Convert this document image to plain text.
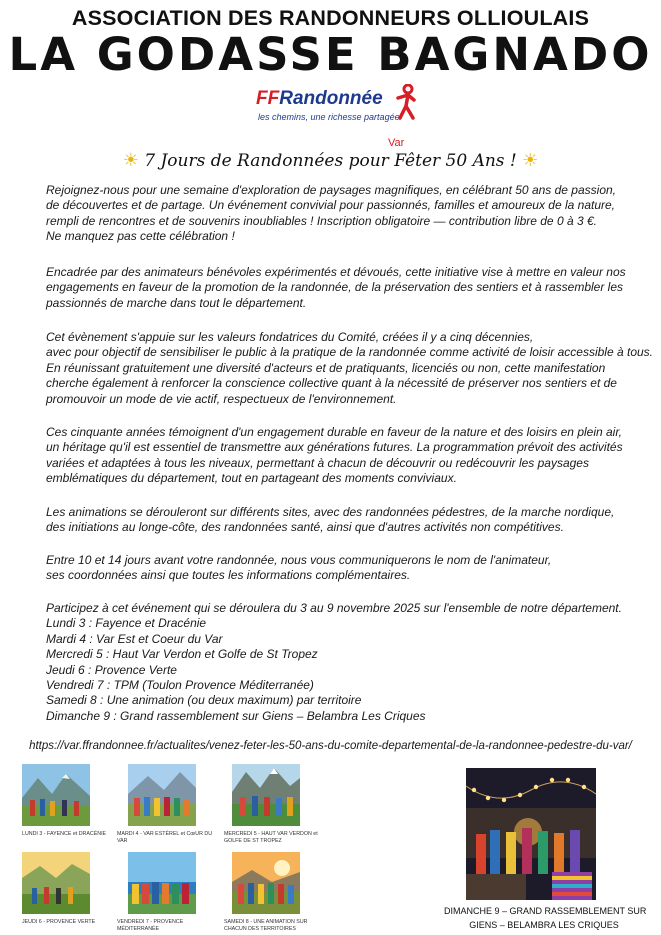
ASSOCIATION DES RANDONNEURS OLLIOULAIS
LA GODASSE BAGNADO
FFRandonnée
les chemins, une richesse partagée
Var
☀ 7 Jours de Randonnées pour Fêter 50 Ans ! ☀
Rejoignez-nous pour une semaine d'exploration de paysages magnifiques, en célébrant 50 ans de passion,
de découvertes et de partage. Un événement convivial pour passionnés, familles et amoureux de la nature,
rempli de rencontres et de souvenirs inoubliables ! Inscription obligatoire — contribution libre de 0 à 3 €.
Ne manquez pas cette célébration !
Encadrée par des animateurs bénévoles expérimentés et dévoués, cette initiative vise à mettre en valeur nos
engagements en faveur de la promotion de la randonnée, de la préservation des sentiers et à rassembler les
passionnés de marche dans tout le département.
Cet évènement s'appuie sur les valeurs fondatrices du Comité, créées il y a cinq décennies,
avec pour objectif de sensibiliser le public à la pratique de la randonnée comme activité de loisir accessible à tous.
En réunissant gratuitement une diversité d'acteurs et de pratiquants, licenciés ou non, cette manifestation
cherche également à renforcer la conscience collective quant à la nécessité de préserver nos sentiers et de
promouvoir un mode de vie actif, respectueux de l'environnement.
Ces cinquante années témoignent d'un engagement durable en faveur de la nature et des loisirs en plein air,
un héritage qu'il est essentiel de transmettre aux générations futures. La programmation prévoit des activités
variées et adaptées à tous les niveaux, permettant à chacun de découvrir ou redécouvrir les paysages
emblématiques du département, tout en partageant des moments conviviaux.
Les animations se dérouleront sur différents sites, avec des randonnées pédestres, de la marche nordique,
des initiations au longe-côte, des randonnées santé, ainsi que d'autres activités non compétitives.
Entre 10 et 14 jours avant votre randonnée, nous vous communiquerons le nom de l'animateur,
ses coordonnées ainsi que toutes les informations complémentaires.
Participez à cet événement qui se déroulera du 3 au 9 novembre 2025 sur l'ensemble de notre département.
Lundi 3 : Fayence et Dracénie
Mardi 4 : Var Est et Coeur du Var
Mercredi 5 : Haut Var Verdon et Golfe de St Tropez
Jeudi 6 : Provence Verte
Vendredi 7 : TPM (Toulon Provence Méditerranée)
Samedi 8 : Une animation (ou deux maximum) par territoire
Dimanche 9 : Grand rassemblement sur Giens – Belambra Les Criques
https://var.ffrandonnee.fr/actualites/venez-feter-les-50-ans-du-comite-departemental-de-la-randonnee-pedestre-du-var/
LUNDI 3 - FAYENCE et DRACÉNIE	MARDI 4 - VAR ESTÉREL et CœUR DU VAR
MERCREDI 5 - HAUT VAR VERDON et GOLFE DE ST TROPEZ
JEUDI 6 - PROVENCE VERTE	VENDREDI 7 - PROVENCE MÉDITERRANÉE
SAMEDI 8 - UNE ANIMATION SUR CHACUN DES TERRITOIRES
DIMANCHE 9 – GRAND RASSEMBLEMENT SUR
GIENS – BELAMBRA LES CRIQUES
